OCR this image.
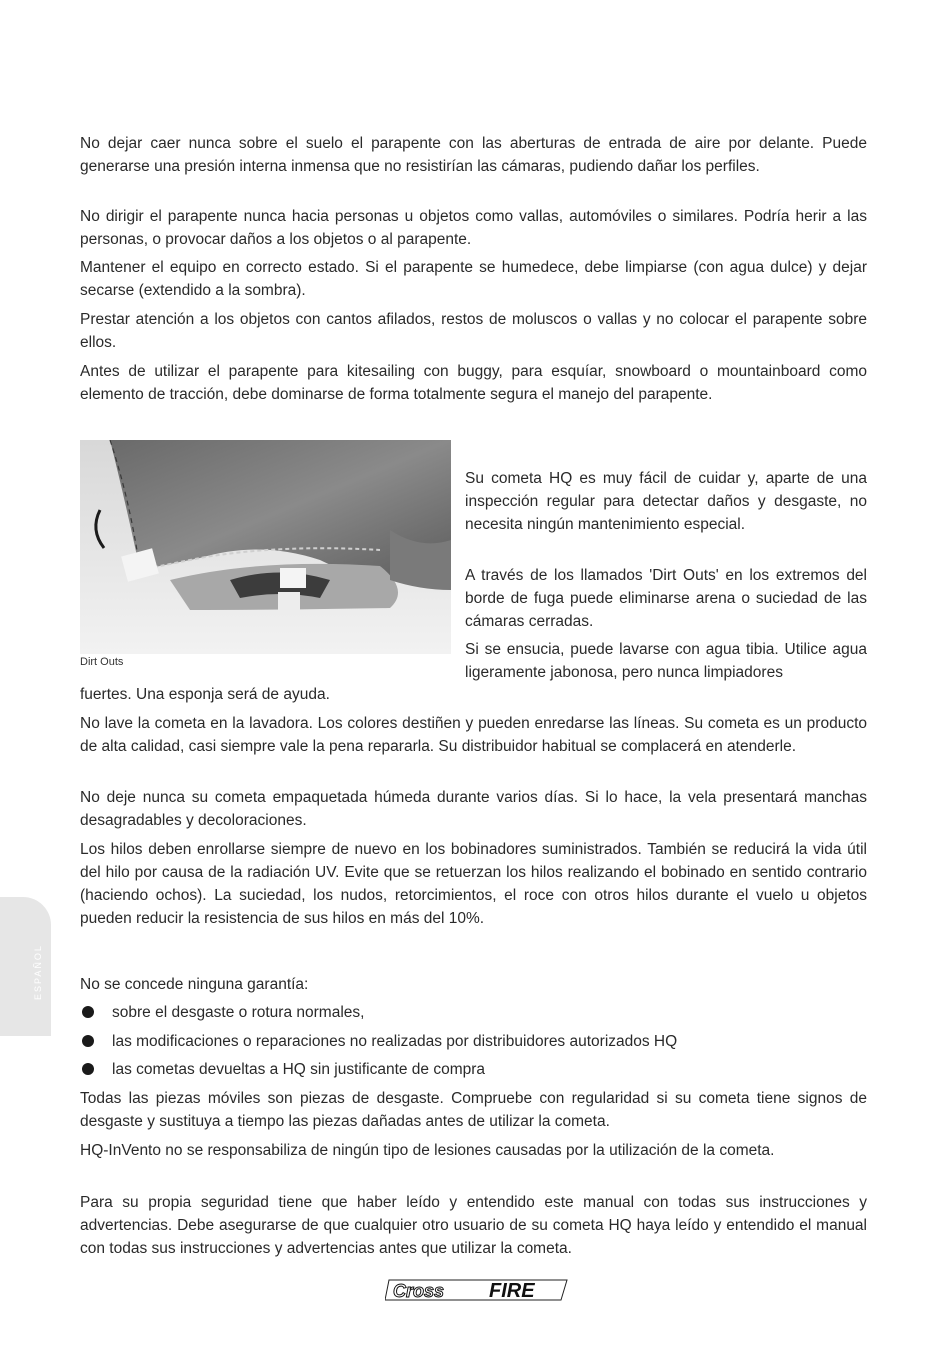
No dejar caer nunca sobre el suelo el parapente con las aberturas de entrada de aire por delante. Puede generarse una presión interna inmensa que no resistirían las cámaras, pudiendo dañar los perfiles.

No dirigir el parapente nunca hacia personas u objetos como vallas, automóviles o similares. Podría herir a las personas, o provocar daños a los objetos o al parapente.

Mantener el equipo en correcto estado. Si el parapente se humedece, debe limpiarse (con agua dulce) y dejar secarse (extendido a la sombra).

Prestar atención a los objetos con cantos afilados, restos de moluscos o vallas y no colocar el parapente sobre ellos.

Antes de utilizar el parapente para kitesailing con buggy, para esquíar, snowboard o mountainboard como elemento de tracción, debe dominarse de forma totalmente segura el manejo del parapente.

Dirt Outs

Su cometa HQ es muy fácil de cuidar y, aparte de una inspección regular para detectar daños y desgaste, no necesita ningún mantenimiento especial.

A través de los llamados 'Dirt Outs' en los extremos del borde de fuga puede eliminarse arena o suciedad de las cámaras cerradas.

Si se ensucia, puede lavarse con agua tibia. Utilice agua ligeramente jabonosa, pero nunca limpiadores

fuertes. Una esponja será de ayuda.

No lave la cometa en la lavadora. Los colores destiñen y pueden enredarse las líneas. Su cometa es un producto de alta calidad, casi siempre vale la pena repararla. Su distribuidor habitual se complacerá en atenderle.

No deje nunca su cometa empaquetada húmeda durante varios días. Si lo hace, la vela presentará manchas desagradables y decoloraciones.

Los hilos deben enrollarse siempre de nuevo en los bobinadores suministrados. También se reducirá la vida útil del hilo por causa de la radiación UV. Evite que se retuerzan los hilos realizando el bobinado en sentido contrario (haciendo ochos). La suciedad, los nudos, retorcimientos, el roce con otros hilos durante el vuelo u objetos pueden reducir la resistencia de sus hilos en más del 10%.

ESPAÑOL No se concede ninguna garantía:

sobre el desgaste o rotura normales,
las modificaciones o reparaciones no realizadas por distribuidores autorizados HQ
las cometas devueltas a HQ sin justificante de compra

Todas las piezas móviles son piezas de desgaste. Compruebe con regularidad si su cometa tiene signos de desgaste y sustituya a tiempo las piezas dañadas antes de utilizar la cometa.

HQ-InVento no se responsabiliza de ningún tipo de lesiones causadas por la utilización de la cometa.

Para su propia seguridad tiene que haber leído y entendido este manual con todas sus instrucciones y advertencias. Debe asegurarse de que cualquier otro usuario de su cometa HQ haya leído y entendido el manual con todas sus instrucciones y advertencias antes que utilizar la cometa.

Cross FIRE
